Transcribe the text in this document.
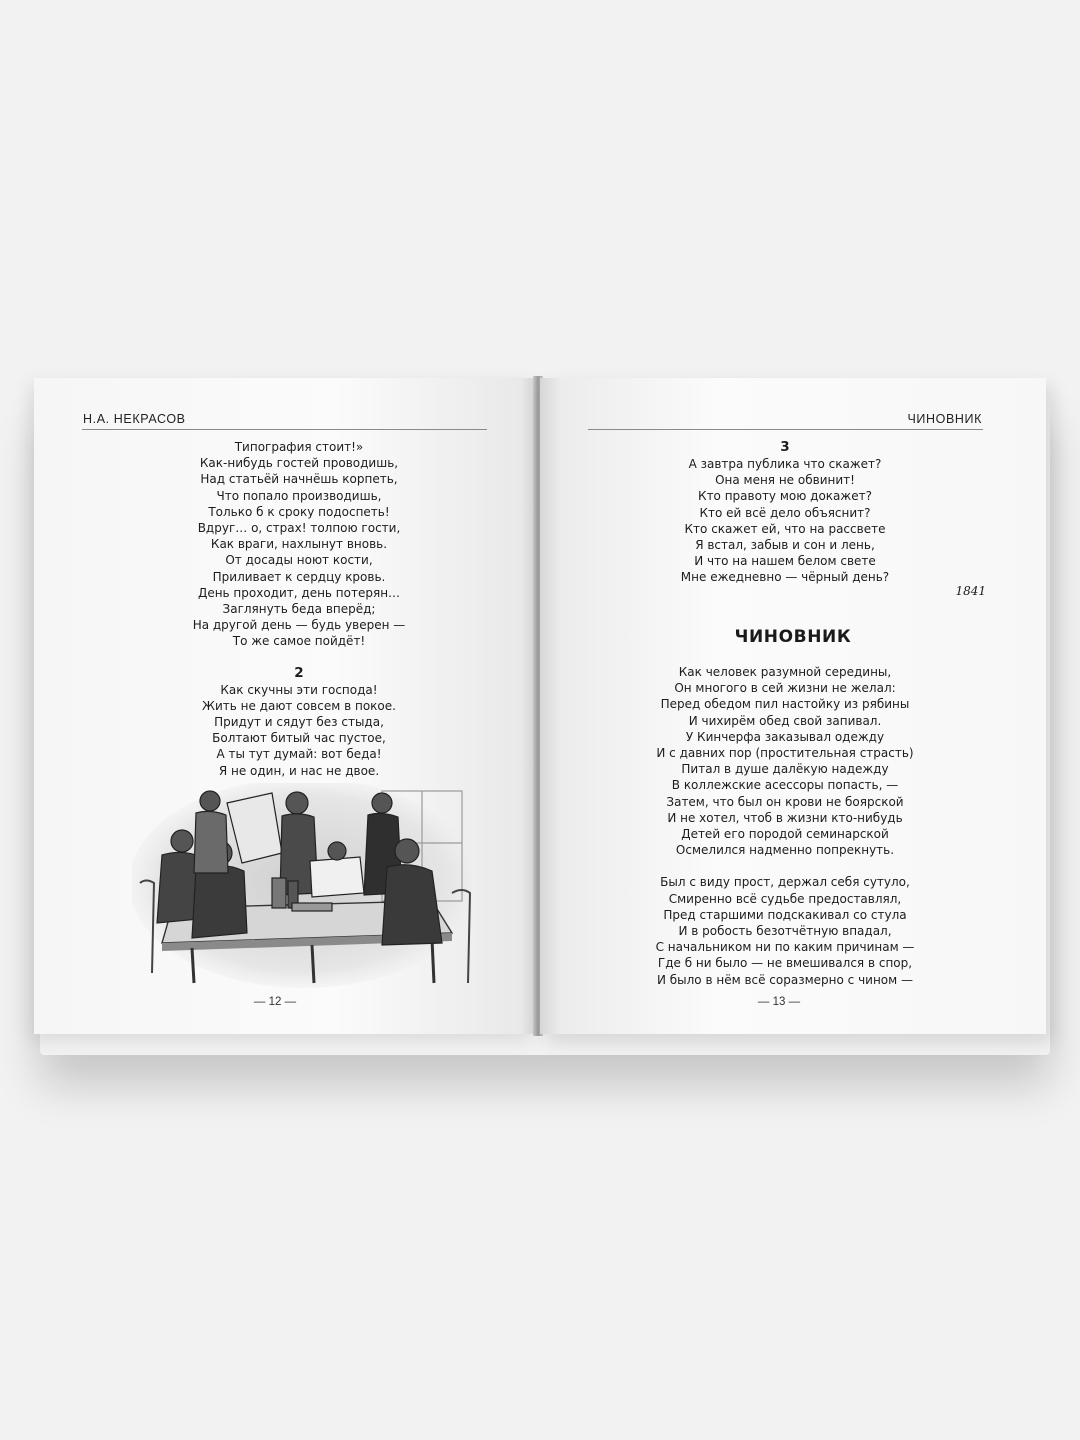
Н.А. НЕКРАСОВ
Типография стоит!»
Как-нибудь гостей проводишь,
Над статьёй начнёшь корпеть,
Что попало производишь,
Только б к сроку подоспеть!
Вдруг… о, страх! толпою гости,
Как враги, нахлынут вновь.
От досады ноют кости,
Приливает к сердцу кровь.
День проходит, день потерян…
Заглянуть беда вперёд;
На другой день — будь уверен —
То же самое пойдёт!
2
Как скучны эти господа!
Жить не дают совсем в покое.
Придут и сядут без стыда,
Болтают битый час пустое,
А ты тут думай: вот беда!
Я не один, и нас не двое.
— 12 —
ЧИНОВНИК
3
А завтра публика что скажет?
Она меня не обвинит!
Кто правоту мою докажет?
Кто ей всё дело объяснит?
Кто скажет ей, что на рассвете
Я встал, забыв и сон и лень,
И что на нашем белом свете
Мне ежедневно — чёрный день?
1841
ЧИНОВНИК
Как человек разумной середины,
Он многого в сей жизни не желал:
Перед обедом пил настойку из рябины
И чихирём обед свой запивал.
У Кинчерфа заказывал одежду
И с давних пор (простительная страсть)
Питал в душе далёкую надежду
В коллежские асессоры попасть, —
Затем, что был он крови не боярской
И не хотел, чтоб в жизни кто-нибудь
Детей его породой семинарской
Осмелился надменно попрекнуть.
Был с виду прост, держал себя сутуло,
Смиренно всё судьбе предоставлял,
Пред старшими подскакивал со стула
И в робость безотчётную впадал,
С начальником ни по каким причинам —
Где б ни было — не вмешивался в спор,
И было в нём всё соразмерно с чином —
— 13 —
